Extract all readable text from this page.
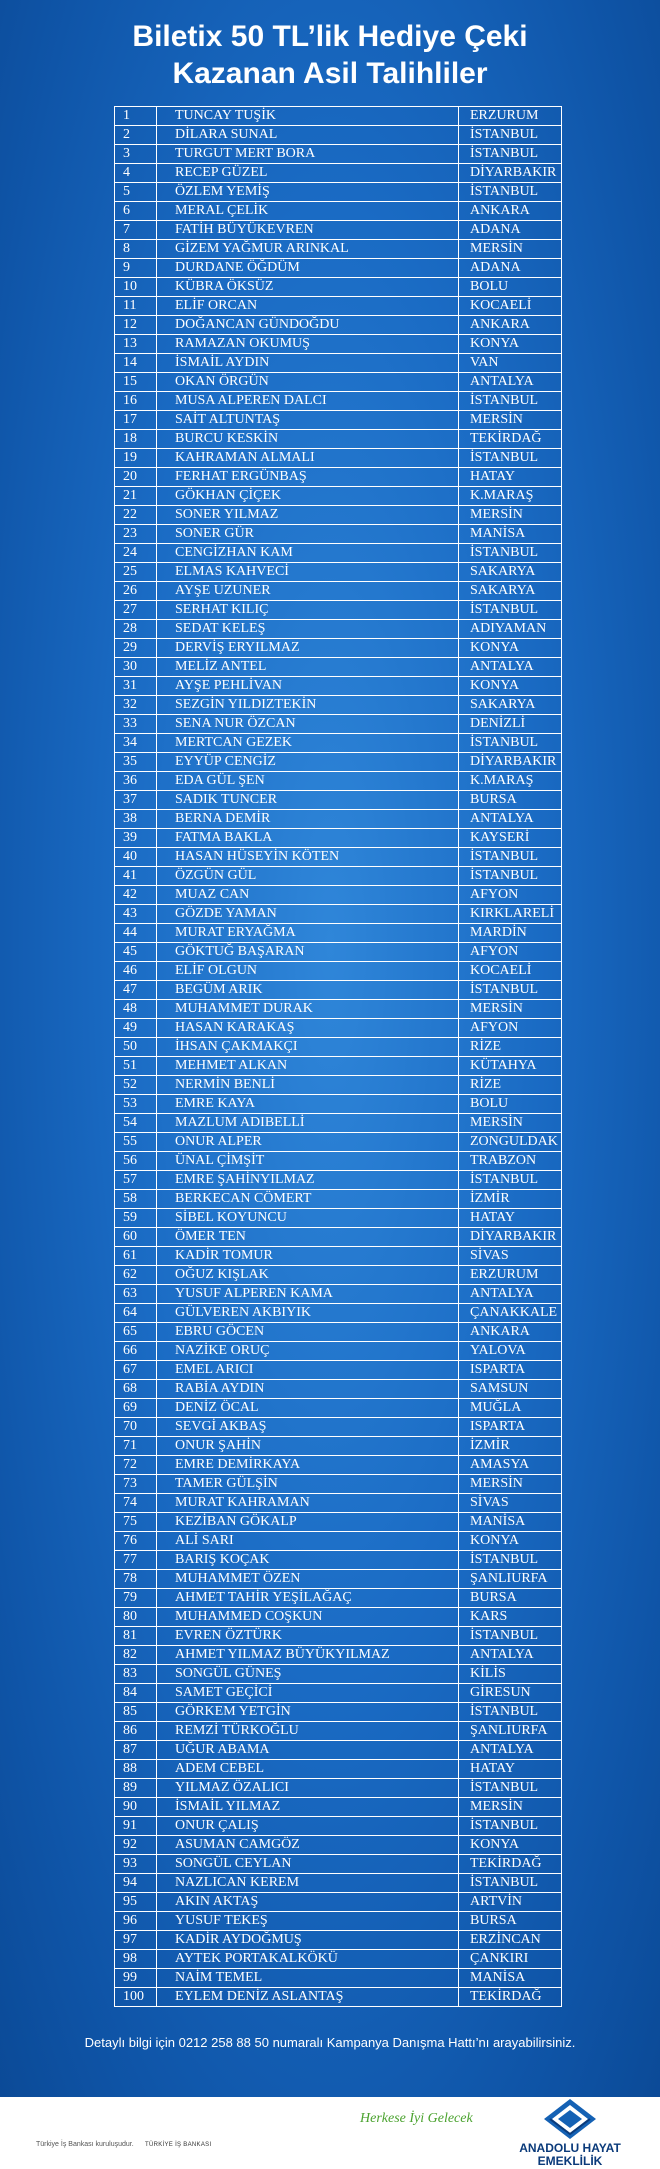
Biletix 50 TL’lik Hediye Çeki
Kazanan Asil Talihliler
1	TUNCAY TUŞİK	ERZURUM
2	DİLARA SUNAL	İSTANBUL
3	TURGUT MERT BORA	İSTANBUL
4	RECEP GÜZEL	DİYARBAKIR
5	ÖZLEM YEMİŞ	İSTANBUL
6	MERAL ÇELİK	ANKARA
7	FATİH BÜYÜKEVREN	ADANA
8	GİZEM YAĞMUR ARINKAL	MERSİN
9	DURDANE ÖĞDÜM	ADANA
10	KÜBRA ÖKSÜZ	BOLU
11	ELİF ORCAN	KOCAELİ
12	DOĞANCAN GÜNDOĞDU	ANKARA
13	RAMAZAN OKUMUŞ	KONYA
14	İSMAİL AYDIN	VAN
15	OKAN ÖRGÜN	ANTALYA
16	MUSA ALPEREN DALCI	İSTANBUL
17	SAİT ALTUNTAŞ	MERSİN
18	BURCU KESKİN	TEKİRDAĞ
19	KAHRAMAN ALMALI	İSTANBUL
20	FERHAT ERGÜNBAŞ	HATAY
21	GÖKHAN ÇİÇEK	K.MARAŞ
22	SONER YILMAZ	MERSİN
23	SONER GÜR	MANİSA
24	CENGİZHAN KAM	İSTANBUL
25	ELMAS KAHVECİ	SAKARYA
26	AYŞE UZUNER	SAKARYA
27	SERHAT KILIÇ	İSTANBUL
28	SEDAT KELEŞ	ADIYAMAN
29	DERVİŞ ERYILMAZ	KONYA
30	MELİZ ANTEL	ANTALYA
31	AYŞE PEHLİVAN	KONYA
32	SEZGİN YILDIZTEKİN	SAKARYA
33	SENA NUR ÖZCAN	DENİZLİ
34	MERTCAN GEZEK	İSTANBUL
35	EYYÜP CENGİZ	DİYARBAKIR
36	EDA GÜL ŞEN	K.MARAŞ
37	SADIK TUNCER	BURSA
38	BERNA DEMİR	ANTALYA
39	FATMA BAKLA	KAYSERİ
40	HASAN HÜSEYİN KÖTEN	İSTANBUL
41	ÖZGÜN GÜL	İSTANBUL
42	MUAZ CAN	AFYON
43	GÖZDE YAMAN	KIRKLARELİ
44	MURAT ERYAĞMA	MARDİN
45	GÖKTUĞ BAŞARAN	AFYON
46	ELİF OLGUN	KOCAELİ
47	BEGÜM ARIK	İSTANBUL
48	MUHAMMET DURAK	MERSİN
49	HASAN KARAKAŞ	AFYON
50	İHSAN ÇAKMAKÇI	RİZE
51	MEHMET ALKAN	KÜTAHYA
52	NERMİN BENLİ	RİZE
53	EMRE KAYA	BOLU
54	MAZLUM ADIBELLİ	MERSİN
55	ONUR ALPER	ZONGULDAK
56	ÜNAL ÇİMŞİT	TRABZON
57	EMRE ŞAHİNYILMAZ	İSTANBUL
58	BERKECAN CÖMERT	İZMİR
59	SİBEL KOYUNCU	HATAY
60	ÖMER TEN	DİYARBAKIR
61	KADİR TOMUR	SİVAS
62	OĞUZ KIŞLAK	ERZURUM
63	YUSUF ALPEREN KAMA	ANTALYA
64	GÜLVEREN AKBIYIK	ÇANAKKALE
65	EBRU GÖCEN	ANKARA
66	NAZİKE ORUÇ	YALOVA
67	EMEL ARICI	ISPARTA
68	RABİA AYDIN	SAMSUN
69	DENİZ ÖCAL	MUĞLA
70	SEVGİ AKBAŞ	ISPARTA
71	ONUR ŞAHİN	İZMİR
72	EMRE DEMİRKAYA	AMASYA
73	TAMER GÜLŞİN	MERSİN
74	MURAT KAHRAMAN	SİVAS
75	KEZİBAN GÖKALP	MANİSA
76	ALİ SARI	KONYA
77	BARIŞ KOÇAK	İSTANBUL
78	MUHAMMET ÖZEN	ŞANLIURFA
79	AHMET TAHİR YEŞİLAĞAÇ	BURSA
80	MUHAMMED COŞKUN	KARS
81	EVREN ÖZTÜRK	İSTANBUL
82	AHMET YILMAZ BÜYÜKYILMAZ	ANTALYA
83	SONGÜL GÜNEŞ	KİLİS
84	SAMET GEÇİCİ	GİRESUN
85	GÖRKEM YETGİN	İSTANBUL
86	REMZİ TÜRKOĞLU	ŞANLIURFA
87	UĞUR ABAMA	ANTALYA
88	ADEM CEBEL	HATAY
89	YILMAZ ÖZALICI	İSTANBUL
90	İSMAİL YILMAZ	MERSİN
91	ONUR ÇALIŞ	İSTANBUL
92	ASUMAN CAMGÖZ	KONYA
93	SONGÜL CEYLAN	TEKİRDAĞ
94	NAZLICAN KEREM	İSTANBUL
95	AKIN AKTAŞ	ARTVİN
96	YUSUF TEKEŞ	BURSA
97	KADİR AYDOĞMUŞ	ERZİNCAN
98	AYTEK PORTAKALKÖKÜ	ÇANKIRI
99	NAİM TEMEL	MANİSA
100	EYLEM DENİZ ASLANTAŞ	TEKİRDAĞ
Detaylı bilgi için 0212 258 88 50 numaralı Kampanya Danışma Hattı’nı arayabilirsiniz.
Türkiye İş Bankası kuruluşudur. TÜRKİYE İŞ BANKASI
Herkese İyi Gelecek
ANADOLU HAYAT
EMEKLİLİK
